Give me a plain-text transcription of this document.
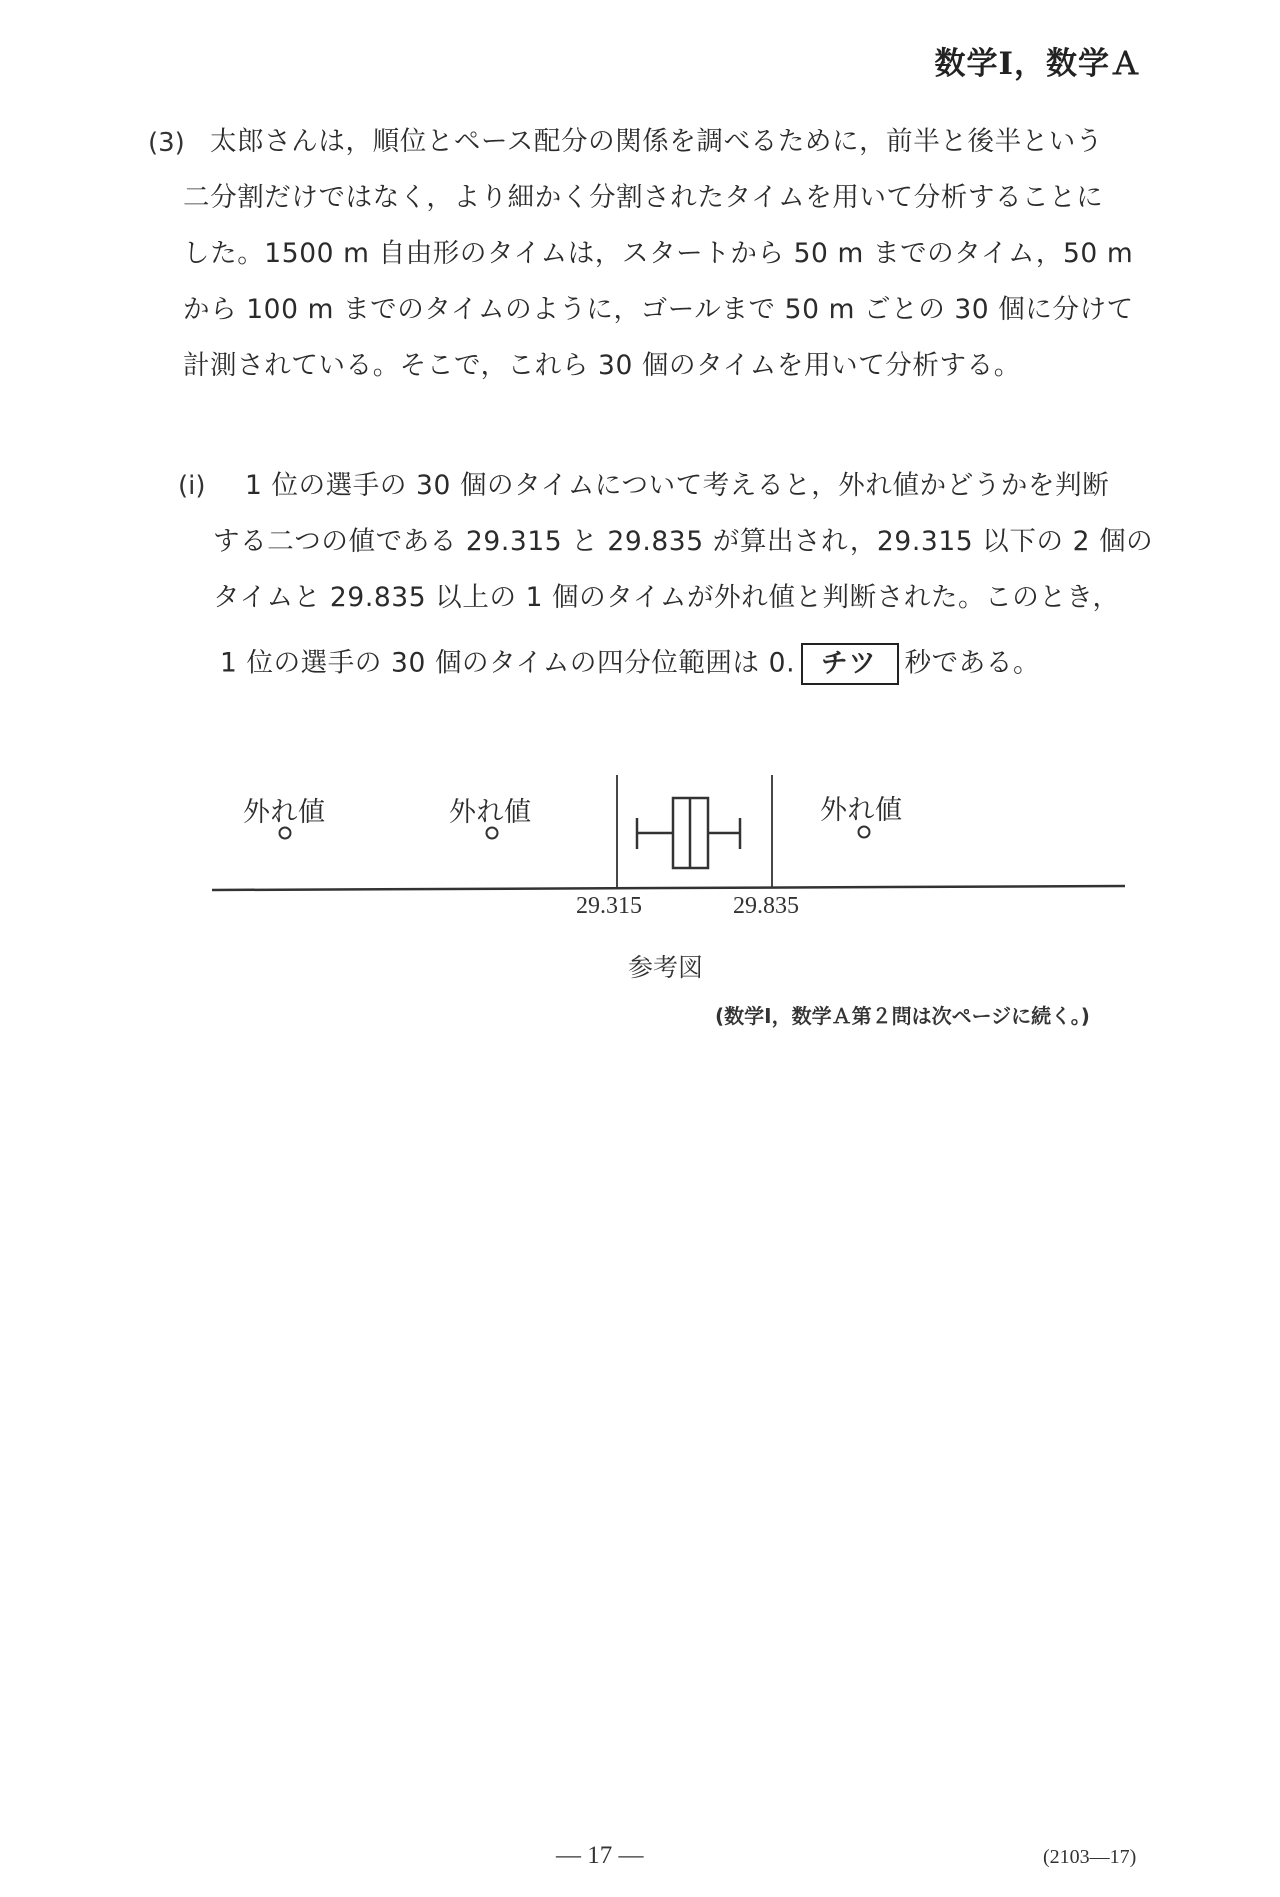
数学Ⅰ，数学Ａ
(3) 太郎さんは，順位とペース配分の関係を調べるために，前半と後半という
二分割だけではなく，より細かく分割されたタイムを用いて分析することに
した。1500 m 自由形のタイムは，スタートから 50 m までのタイム，50 m
から 100 m までのタイムのように，ゴールまで 50 m ごとの 30 個に分けて
計測されている。そこで，これら 30 個のタイムを用いて分析する。
(i) 1 位の選手の 30 個のタイムについて考えると，外れ値かどうかを判断
する二つの値である 29.315 と 29.835 が算出され，29.315 以下の 2 個の
タイムと 29.835 以上の 1 個のタイムが外れ値と判断された。このとき，
1 位の選手の 30 個のタイムの四分位範囲は 0. チツ 秒である。
外れ値	外れ値	外れ値
29.315	29.835
参考図
(数学Ⅰ，数学Ａ第２問は次ページに続く。)
― 17 ―	(2103―17)
